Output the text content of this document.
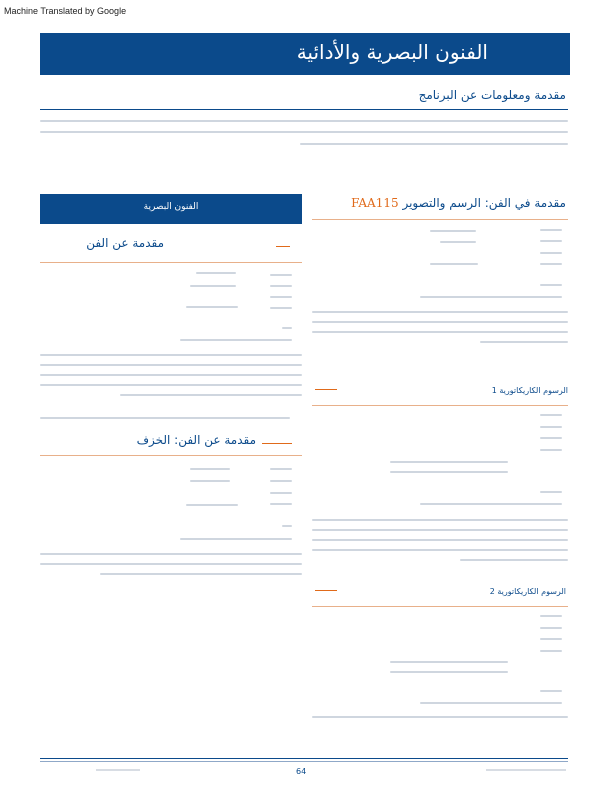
Machine Translated by Google
الفنون البصرية والأدائية
مقدمة ومعلومات عن البرنامج
الفنون البصرية
مقدمة عن الفن
مقدمة عن الفن: الخزف
مقدمة في الفن: الرسم والتصوير FAA115
الرسوم الكاريكاتورية 1
الرسوم الكاريكاتورية 2
64
